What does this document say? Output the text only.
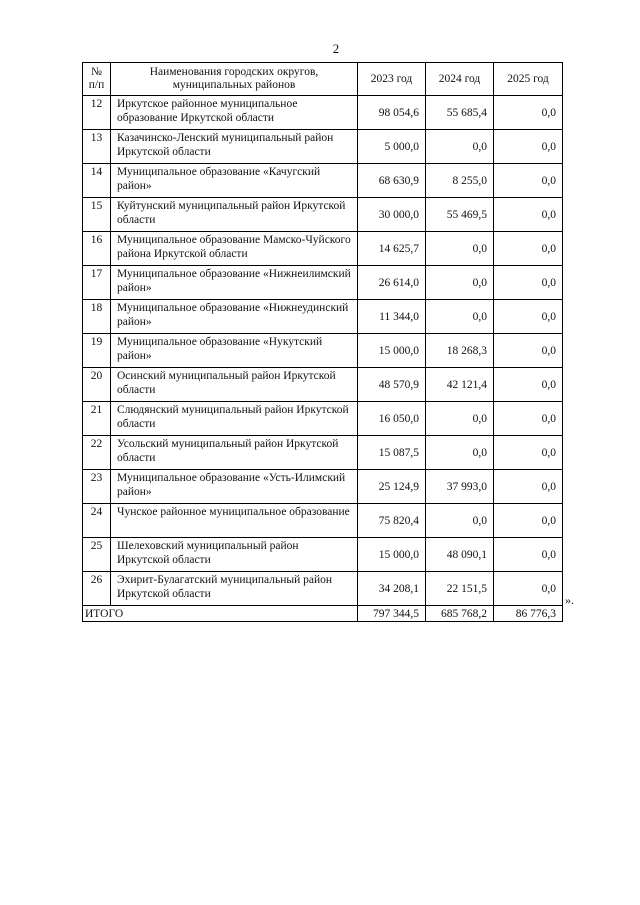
2
№ п/п	Наименования городских округов, муниципальных районов	2023 год	2024 год	2025 год
12	Иркутское районное муниципальное образование Иркутской области	98 054,6	55 685,4	0,0
13	Казачинско-Ленский муниципальный район Иркутской области	5 000,0	0,0	0,0
14	Муниципальное образование «Качугский район»	68 630,9	8 255,0	0,0
15	Куйтунский муниципальный район Иркутской области	30 000,0	55 469,5	0,0
16	Муниципальное образование Мамско-Чуйского района Иркутской области	14 625,7	0,0	0,0
17	Муниципальное образование «Нижнеилимский район»	26 614,0	0,0	0,0
18	Муниципальное образование «Нижнеудинский район»	11 344,0	0,0	0,0
19	Муниципальное образование «Нукутский район»	15 000,0	18 268,3	0,0
20	Осинский муниципальный район Иркутской области	48 570,9	42 121,4	0,0
21	Слюдянский муниципальный район Иркутской области	16 050,0	0,0	0,0
22	Усольский муниципальный район Иркутской области	15 087,5	0,0	0,0
23	Муниципальное образование «Усть-Илимский район»	25 124,9	37 993,0	0,0
24	Чунское районное муниципальное образование	75 820,4	0,0	0,0
25	Шелеховский муниципальный район Иркутской области	15 000,0	48 090,1	0,0
26	Эхирит-Булагатский муниципальный район Иркутской области	34 208,1	22 151,5	0,0
ИТОГО		797 344,5	685 768,2	86 776,3
».
